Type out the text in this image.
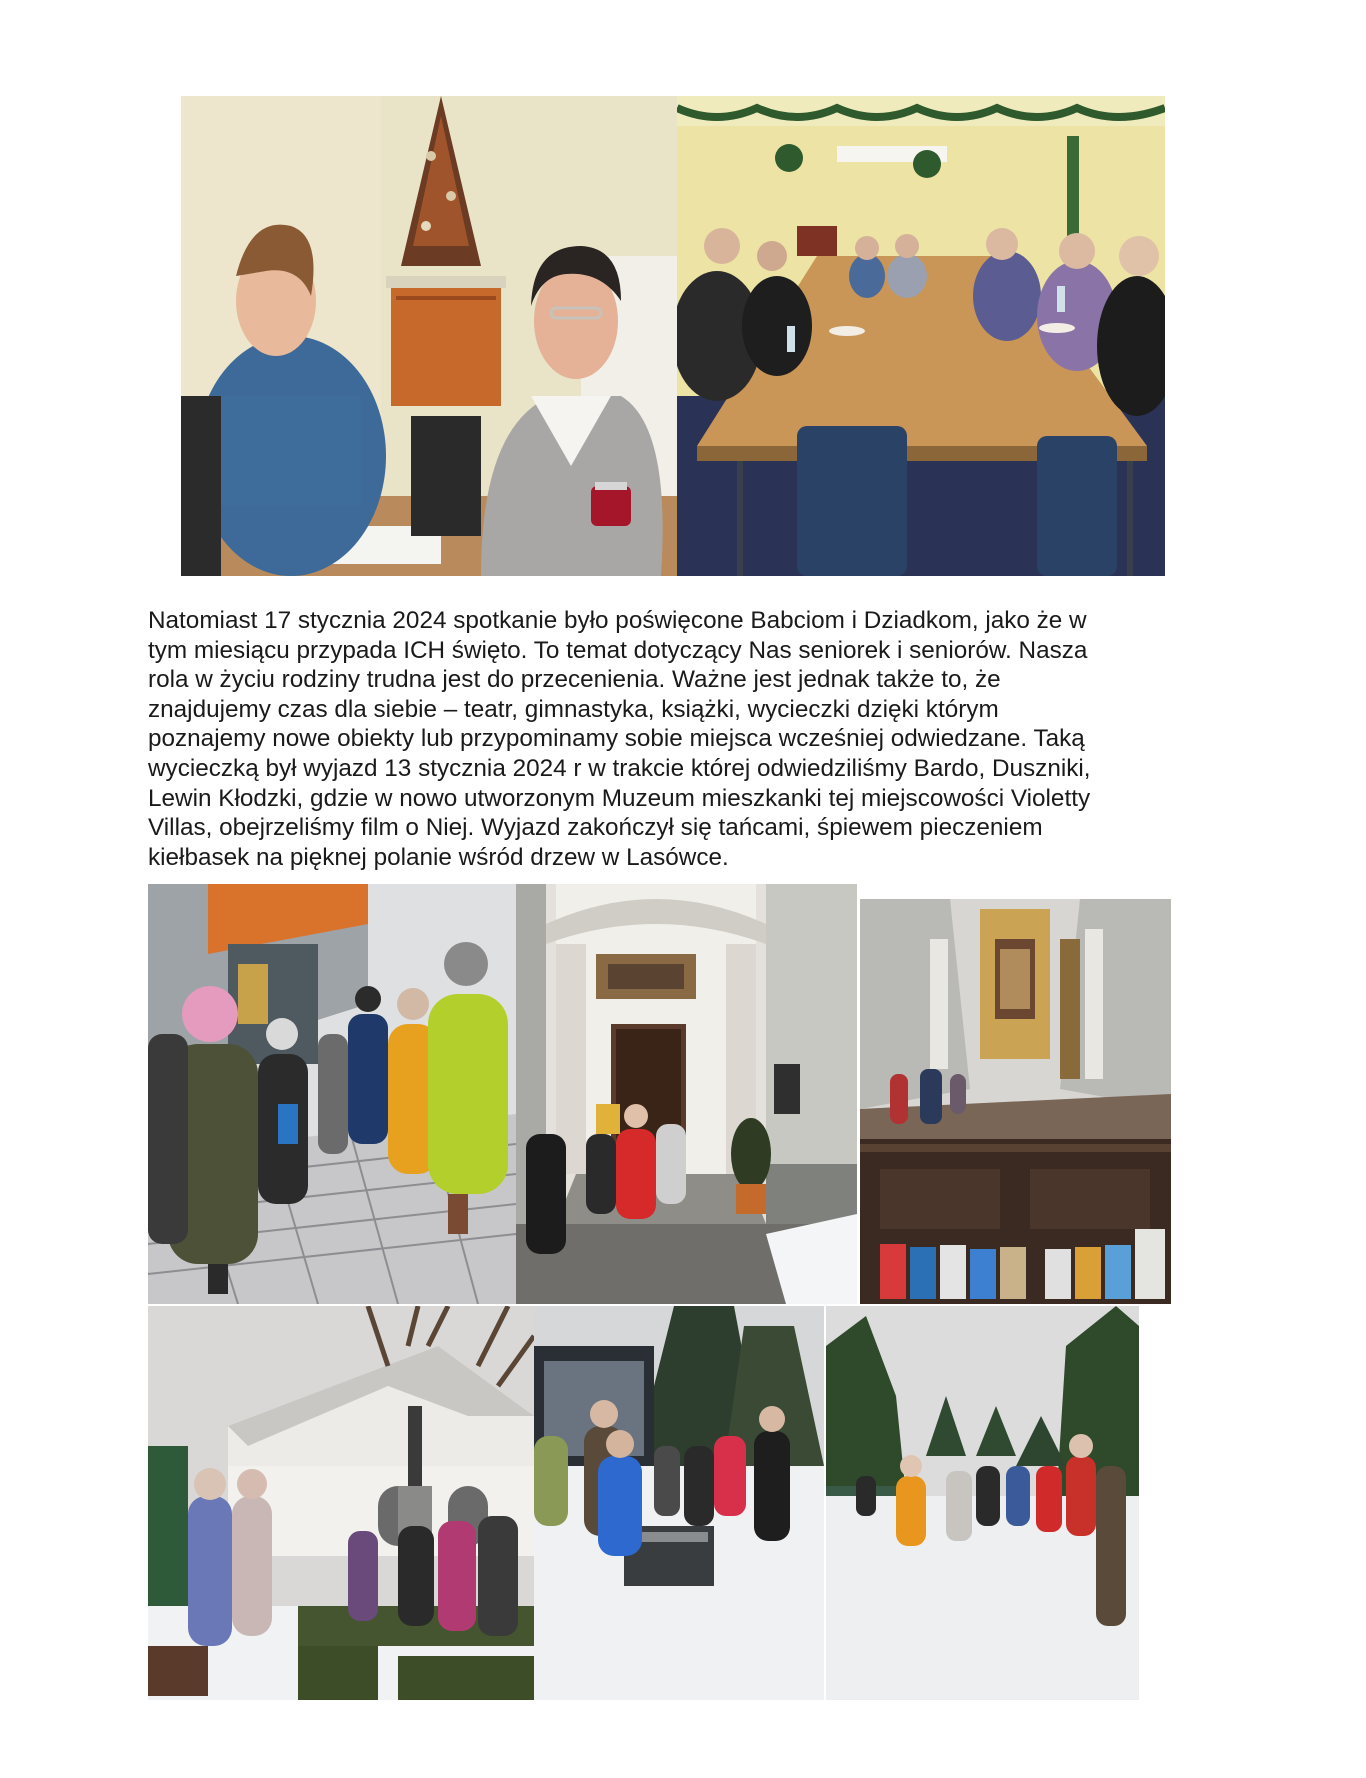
Natomiast 17 stycznia 2024 spotkanie było poświęcone Babciom i Dziadkom, jako że w
tym miesiącu przypada ICH święto. To temat dotyczący Nas seniorek i seniorów. Nasza
rola w życiu rodziny trudna jest do przecenienia. Ważne jest jednak także to, że
znajdujemy czas dla siebie – teatr, gimnastyka, książki, wycieczki dzięki którym
poznajemy nowe obiekty lub przypominamy sobie miejsca wcześniej odwiedzane. Taką
wycieczką był wyjazd 13 stycznia 2024 r w trakcie której odwiedziliśmy Bardo, Duszniki,
Lewin Kłodzki, gdzie w nowo utworzonym Muzeum mieszkanki tej miejscowości Violetty
Villas, obejrzeliśmy film o Niej. Wyjazd zakończył się tańcami, śpiewem pieczeniem
kiełbasek na pięknej polanie wśród drzew w Lasówce.
